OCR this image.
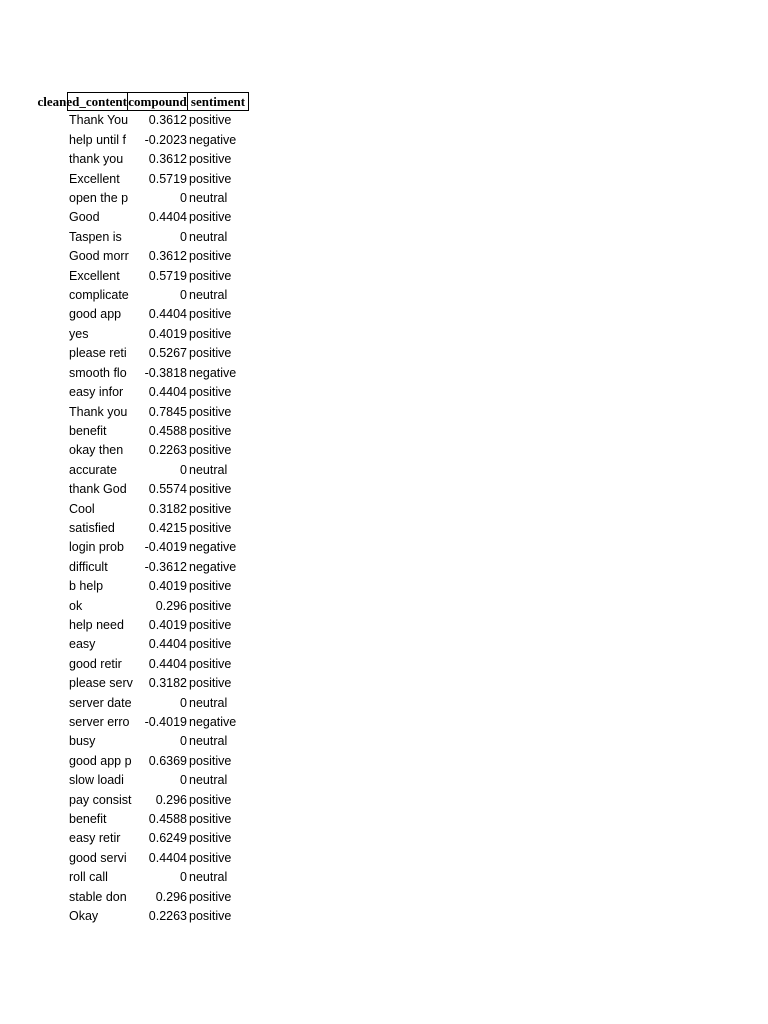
cleaned_content compound sentiment
Thank You	0.3612 positive
help until f	-0.2023 negative
thank you	0.3612 positive
Excellent	0.5719 positive
open the p	0 neutral
Good	0.4404 positive
Taspen is	0 neutral
Good morr	0.3612 positive
Excellent	0.5719 positive
complicate	0 neutral
good app	0.4404 positive
yes	0.4019 positive
please reti	0.5267 positive
smooth flo	-0.3818 negative
easy infor	0.4404 positive
Thank you	0.7845 positive
benefit	0.4588 positive
okay then	0.2263 positive
accurate	0 neutral
thank God	0.5574 positive
Cool	0.3182 positive
satisfied	0.4215 positive
login prob	-0.4019 negative
difficult	-0.3612 negative
b help	0.4019 positive
ok	0.296 positive
help need	0.4019 positive
easy	0.4404 positive
good retir	0.4404 positive
please serv	0.3182 positive
server date	0 neutral
server erro	-0.4019 negative
busy	0 neutral
good app p	0.6369 positive
slow loadi	0 neutral
pay consist	0.296 positive
benefit	0.4588 positive
easy retir	0.6249 positive
good servi	0.4404 positive
roll call	0 neutral
stable don	0.296 positive
Okay	0.2263 positive
